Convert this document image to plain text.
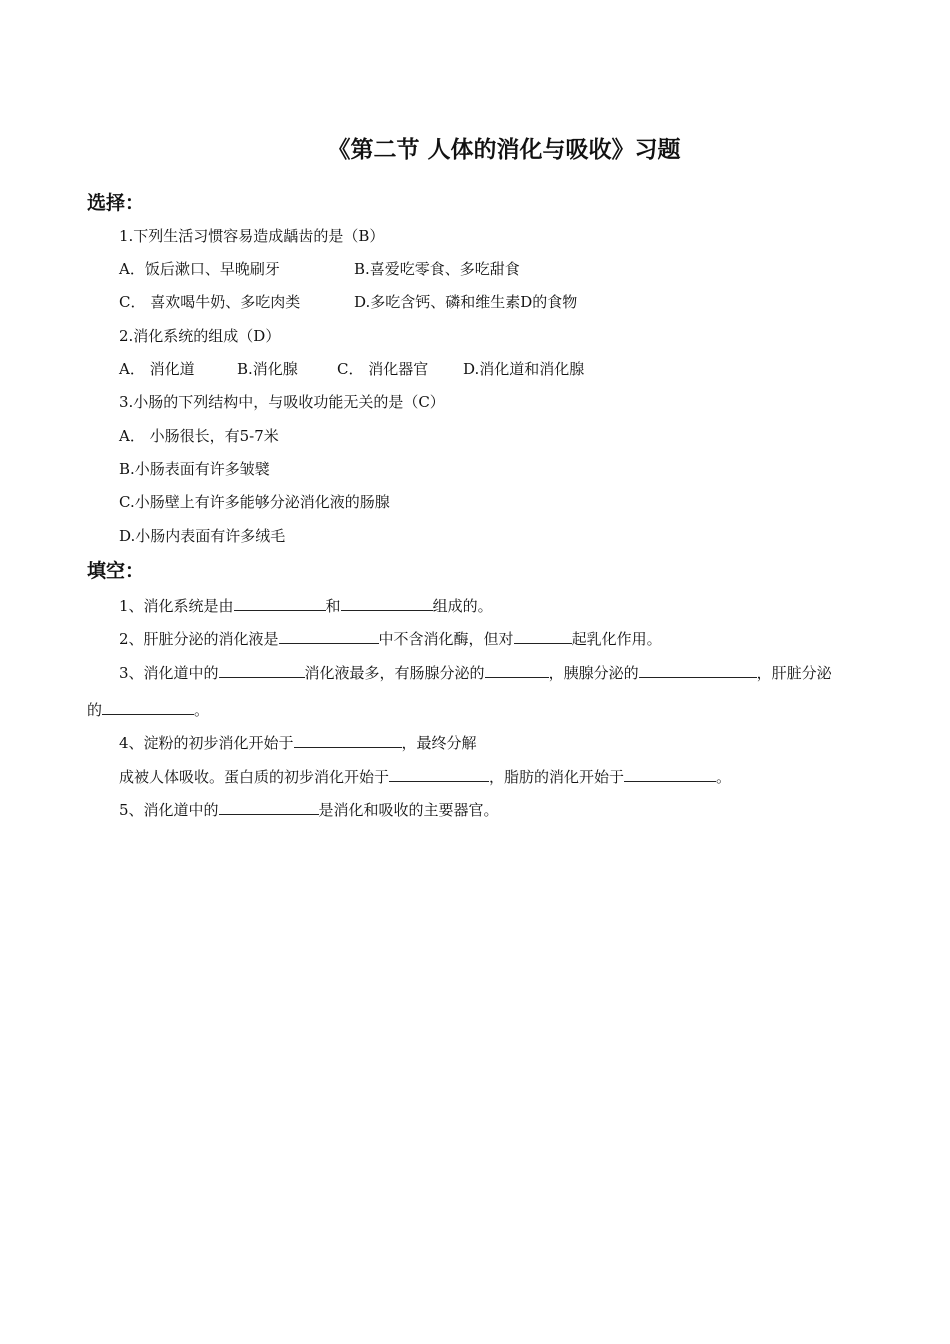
《第二节 人体的消化与吸收》习题
选择：
1.下列生活习惯容易造成龋齿的是（B）
A．饭后漱口、早晚刷牙	B.喜爱吃零食、多吃甜食
C． 喜欢喝牛奶、多吃肉类	D.多吃含钙、磷和维生素D的食物
2.消化系统的组成（D）
A． 消化道	B.消化腺	C． 消化器官 D.消化道和消化腺
3.小肠的下列结构中，与吸收功能无关的是（C）
A． 小肠很长，有5-7米
B.小肠表面有许多皱襞
C.小肠壁上有许多能够分泌消化液的肠腺
D.小肠内表面有许多绒毛
填空：
1、消化系统是由	和	组成的。
2、肝脏分泌的消化液是	中不含消化酶，但对	起乳化作用。
3、消化道中的	消化液最多，有肠腺分泌的	，胰腺分泌的	，肝脏分泌
的	。
4、淀粉的初步消化开始于	，最终分解
成被人体吸收。蛋白质的初步消化开始于	，脂肪的消化开始于	。
5、消化道中的	是消化和吸收的主要器官。
